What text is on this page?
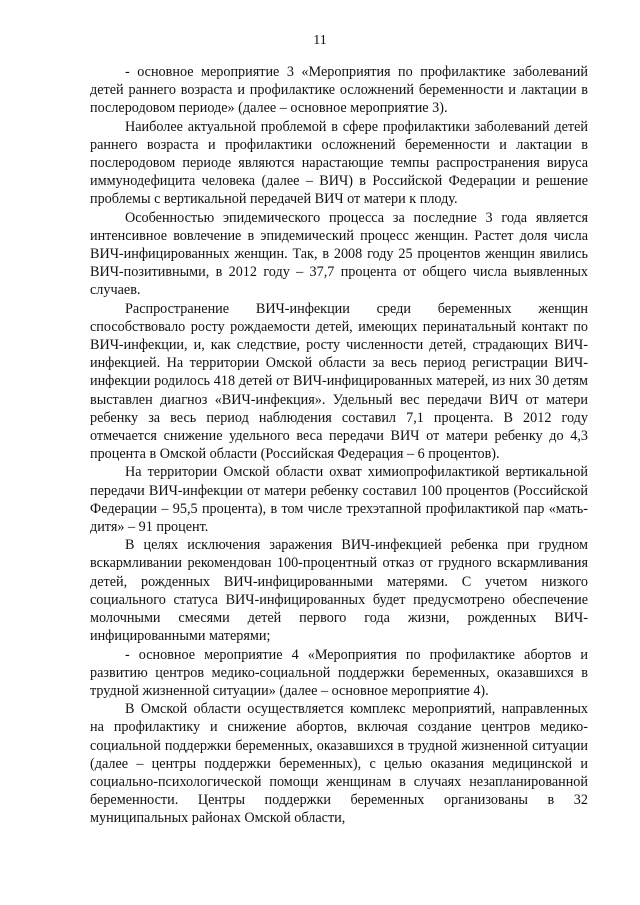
11

- основное мероприятие 3 «Мероприятия по профилактике заболеваний детей раннего возраста и профилактике осложнений беременности и лактации в послеродовом периоде» (далее – основное мероприятие 3).

Наиболее актуальной проблемой в сфере профилактики заболеваний детей раннего возраста и профилактики осложнений беременности и лактации в послеродовом периоде являются нарастающие темпы распространения вируса иммунодефицита человека (далее – ВИЧ) в Российской Федерации и решение проблемы с вертикальной передачей ВИЧ от матери к плоду.

Особенностью эпидемического процесса за последние 3 года является интенсивное вовлечение в эпидемический процесс женщин. Растет доля числа ВИЧ-инфицированных женщин. Так, в 2008 году 25 процентов женщин явились ВИЧ-позитивными, в 2012 году – 37,7 процента от общего числа выявленных случаев.

Распространение ВИЧ-инфекции среди беременных женщин способствовало росту рождаемости детей, имеющих перинатальный контакт по ВИЧ-инфекции, и, как следствие, росту численности детей, страдающих ВИЧ-инфекцией. На территории Омской области за весь период регистрации ВИЧ-инфекции родилось 418 детей от ВИЧ-инфицированных матерей, из них 30 детям выставлен диагноз «ВИЧ-инфекция». Удельный вес передачи ВИЧ от матери ребенку за весь период наблюдения составил 7,1 процента. В 2012 году отмечается снижение удельного веса передачи ВИЧ от матери ребенку до 4,3 процента в Омской области (Российская Федерация – 6 процентов).

На территории Омской области охват химиопрофилактикой вертикальной передачи ВИЧ-инфекции от матери ребенку составил 100 процентов (Российской Федерации – 95,5 процента), в том числе трехэтапной профилактикой пар «мать-дитя» – 91 процент.

В целях исключения заражения ВИЧ-инфекцией ребенка при грудном вскармливании рекомендован 100-процентный отказ от грудного вскармливания детей, рожденных ВИЧ-инфицированными матерями. С учетом низкого социального статуса ВИЧ-инфицированных будет предусмотрено обеспечение молочными смесями детей первого года жизни, рожденных ВИЧ-инфицированными матерями;

- основное мероприятие 4 «Мероприятия по профилактике абортов и развитию центров медико-социальной поддержки беременных, оказавшихся в трудной жизненной ситуации» (далее – основное мероприятие 4).

В Омской области осуществляется комплекс мероприятий, направленных на профилактику и снижение абортов, включая создание центров медико-социальной поддержки беременных, оказавшихся в трудной жизненной ситуации (далее – центры поддержки беременных), с целью оказания медицинской и социально-психологической помощи женщинам в случаях незапланированной беременности. Центры поддержки беременных организованы в 32 муниципальных районах Омской области,
